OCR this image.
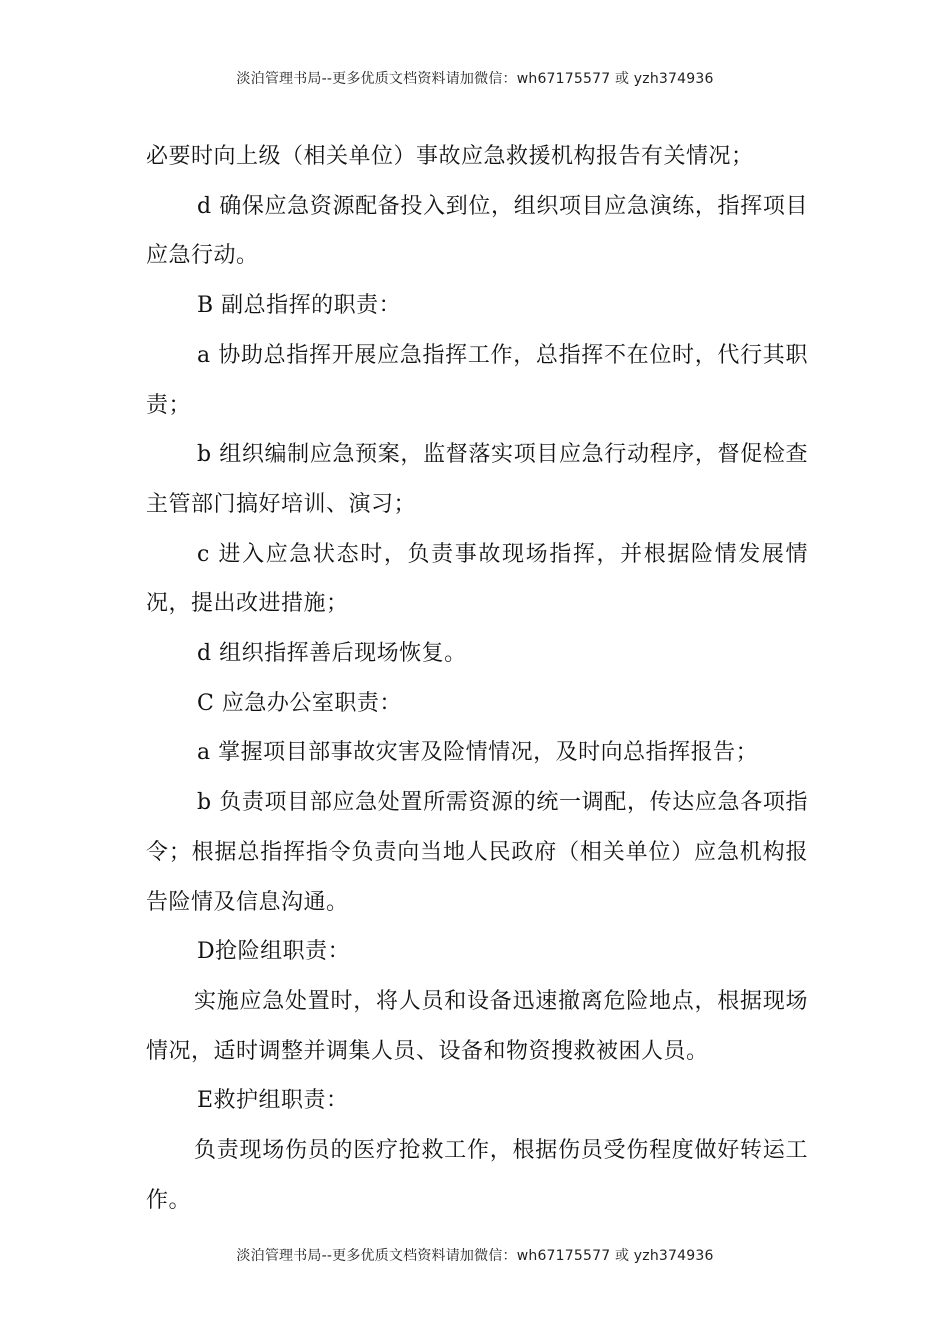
淡泊管理书局--更多优质文档资料请加微信：wh67175577 或 yzh374936

必要时向上级（相关单位）事故应急救援机构报告有关情况；

d 确保应急资源配备投入到位，组织项目应急演练，指挥项目应急行动。

B 副总指挥的职责：

a 协助总指挥开展应急指挥工作，总指挥不在位时，代行其职责；

b 组织编制应急预案，监督落实项目应急行动程序，督促检查主管部门搞好培训、演习；

c 进入应急状态时，负责事故现场指挥，并根据险情发展情况，提出改进措施；

d 组织指挥善后现场恢复。

C 应急办公室职责：

a 掌握项目部事故灾害及险情情况，及时向总指挥报告；

b 负责项目部应急处置所需资源的统一调配，传达应急各项指令；根据总指挥指令负责向当地人民政府（相关单位）应急机构报告险情及信息沟通。

D抢险组职责：

实施应急处置时，将人员和设备迅速撤离危险地点，根据现场情况，适时调整并调集人员、设备和物资搜救被困人员。

E救护组职责：

负责现场伤员的医疗抢救工作，根据伤员受伤程度做好转运工作。

淡泊管理书局--更多优质文档资料请加微信：wh67175577 或 yzh374936
